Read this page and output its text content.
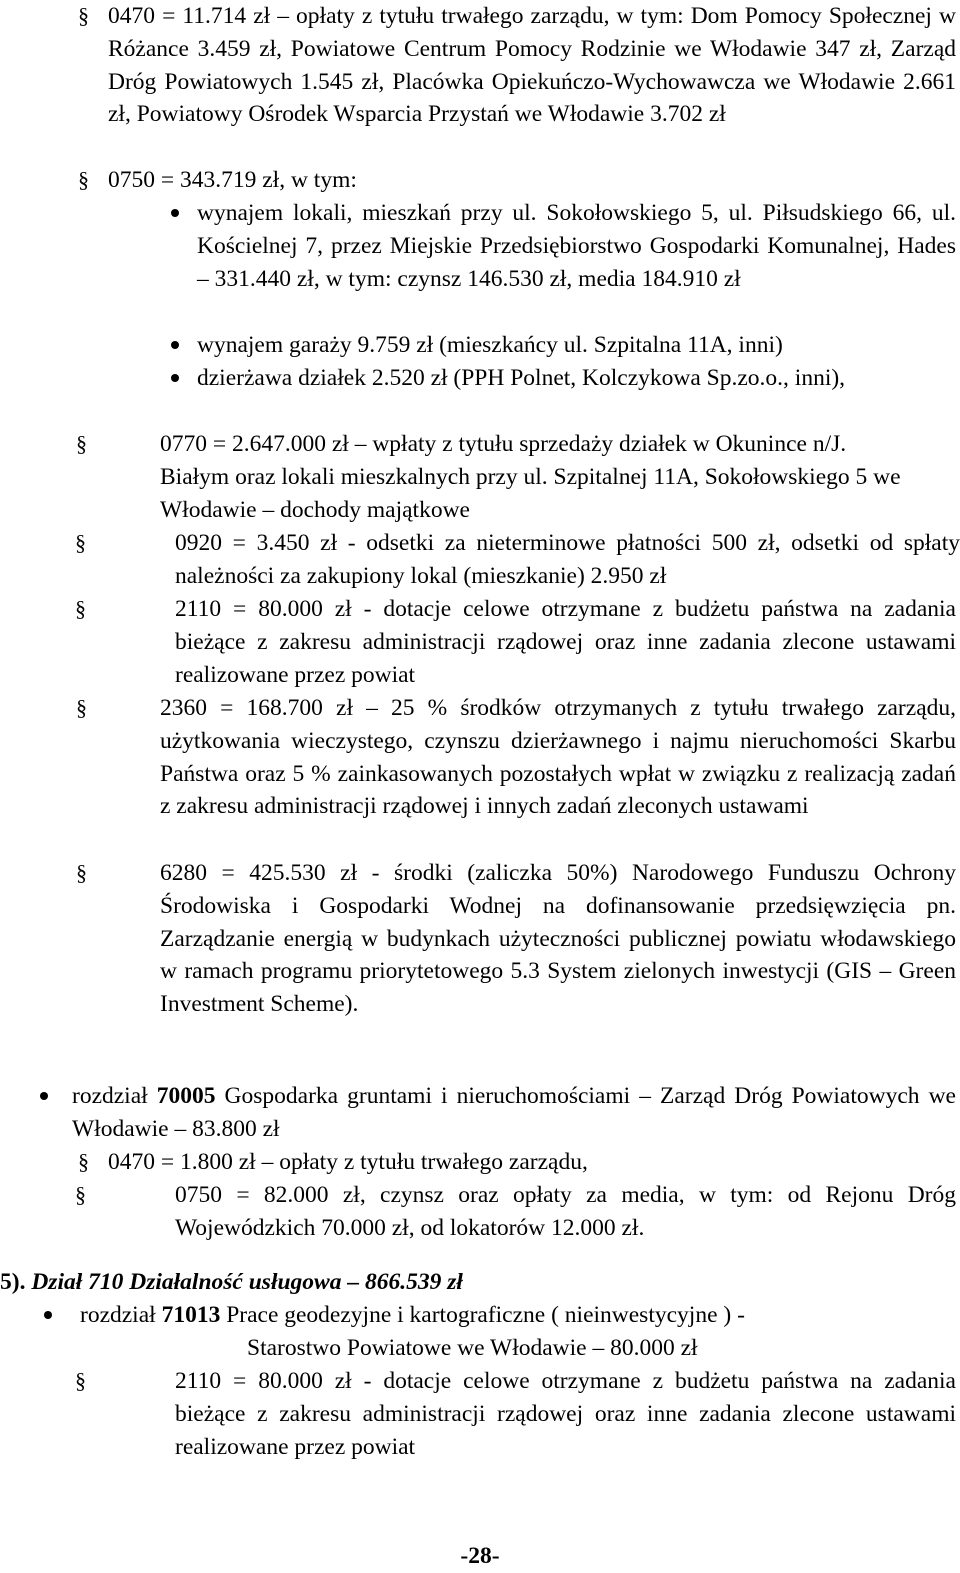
§ 0470 = 11.714 zł – opłaty z tytułu trwałego zarządu, w tym: Dom Pomocy Społecznej w Różance 3.459 zł, Powiatowe Centrum Pomocy Rodzinie we Włodawie 347 zł, Zarząd Dróg Powiatowych 1.545 zł, Placówka Opiekuńczo-Wychowawcza we Włodawie 2.661 zł, Powiatowy Ośrodek Wsparcia Przystań we Włodawie 3.702 zł
§ 0750 = 343.719 zł, w tym:
wynajem lokali, mieszkań przy ul. Sokołowskiego 5, ul. Piłsudskiego 66, ul. Kościelnej 7, przez Miejskie Przedsiębiorstwo Gospodarki Komunalnej, Hades – 331.440 zł, w tym: czynsz 146.530 zł, media 184.910 zł
wynajem garaży 9.759 zł (mieszkańcy ul. Szpitalna 11A, inni)
dzierżawa działek 2.520 zł (PPH Polnet, Kolczykowa Sp.zo.o., inni),
§	0770 = 2.647.000 zł – wpłaty z tytułu sprzedaży działek w Okunince n/J. Białym oraz lokali mieszkalnych przy ul. Szpitalnej 11A, Sokołowskiego 5 we Włodawie – dochody majątkowe
§	0920 = 3.450 zł - odsetki za nieterminowe płatności 500 zł, odsetki od spłaty należności za zakupiony lokal (mieszkanie) 2.950 zł
§	2110 = 80.000 zł - dotacje celowe otrzymane z budżetu państwa na zadania bieżące z zakresu administracji rządowej oraz inne zadania zlecone ustawami realizowane przez powiat
§	2360 = 168.700 zł – 25 % środków otrzymanych z tytułu trwałego zarządu, użytkowania wieczystego, czynszu dzierżawnego i najmu nieruchomości Skarbu Państwa oraz 5 % zainkasowanych pozostałych wpłat w związku z realizacją zadań z zakresu administracji rządowej i innych zadań zleconych ustawami
§	6280 = 425.530 zł - środki (zaliczka 50%) Narodowego Funduszu Ochrony Środowiska i Gospodarki Wodnej na dofinansowanie przedsięwzięcia pn. Zarządzanie energią w budynkach użyteczności publicznej powiatu włodawskiego w ramach programu priorytetowego 5.3 System zielonych inwestycji (GIS – Green Investment Scheme).
rozdział 70005 Gospodarka gruntami i nieruchomościami – Zarząd Dróg Powiatowych we Włodawie – 83.800 zł
§ 0470 = 1.800 zł – opłaty z tytułu trwałego zarządu,
§	0750 = 82.000 zł, czynsz oraz opłaty za media, w tym: od Rejonu Dróg Wojewódzkich 70.000 zł, od lokatorów 12.000 zł.
5). Dział 710 Działalność usługowa – 866.539 zł
rozdział 71013 Prace geodezyjne i kartograficzne ( nieinwestycyjne ) -
Starostwo Powiatowe we Włodawie – 80.000 zł
§	2110 = 80.000 zł - dotacje celowe otrzymane z budżetu państwa na zadania bieżące z zakresu administracji rządowej oraz inne zadania zlecone ustawami realizowane przez powiat
-28-
